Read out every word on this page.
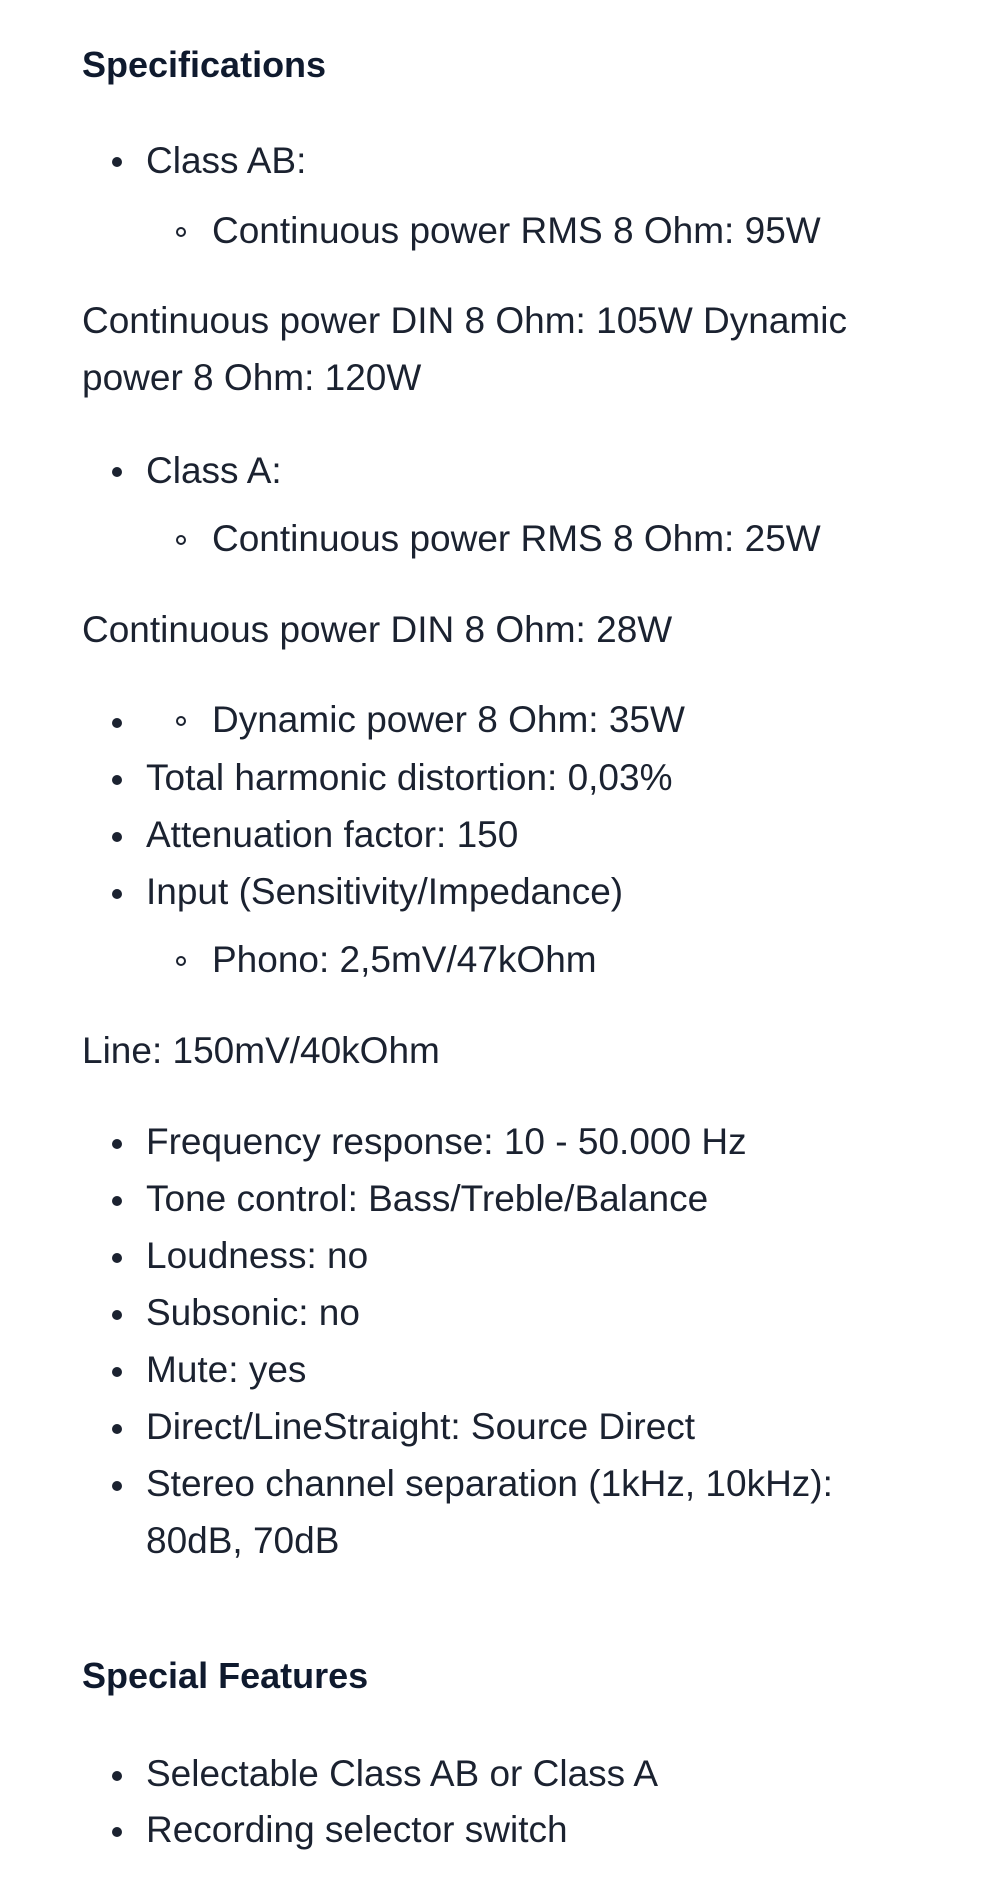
Specifications
Class AB:
Continuous power RMS 8 Ohm: 95W
Continuous power DIN 8 Ohm: 105W Dynamic
power 8 Ohm: 120W
Class A:
Continuous power RMS 8 Ohm: 25W
Continuous power DIN 8 Ohm: 28W
Dynamic power 8 Ohm: 35W
Total harmonic distortion: 0,03%
Attenuation factor: 150
Input (Sensitivity/Impedance)
Phono: 2,5mV/47kOhm
Line: 150mV/40kOhm
Frequency response: 10 - 50.000 Hz
Tone control: Bass/Treble/Balance
Loudness: no
Subsonic: no
Mute: yes
Direct/LineStraight: Source Direct
Stereo channel separation (1kHz, 10kHz):
80dB, 70dB
Special Features
Selectable Class AB or Class A
Recording selector switch
